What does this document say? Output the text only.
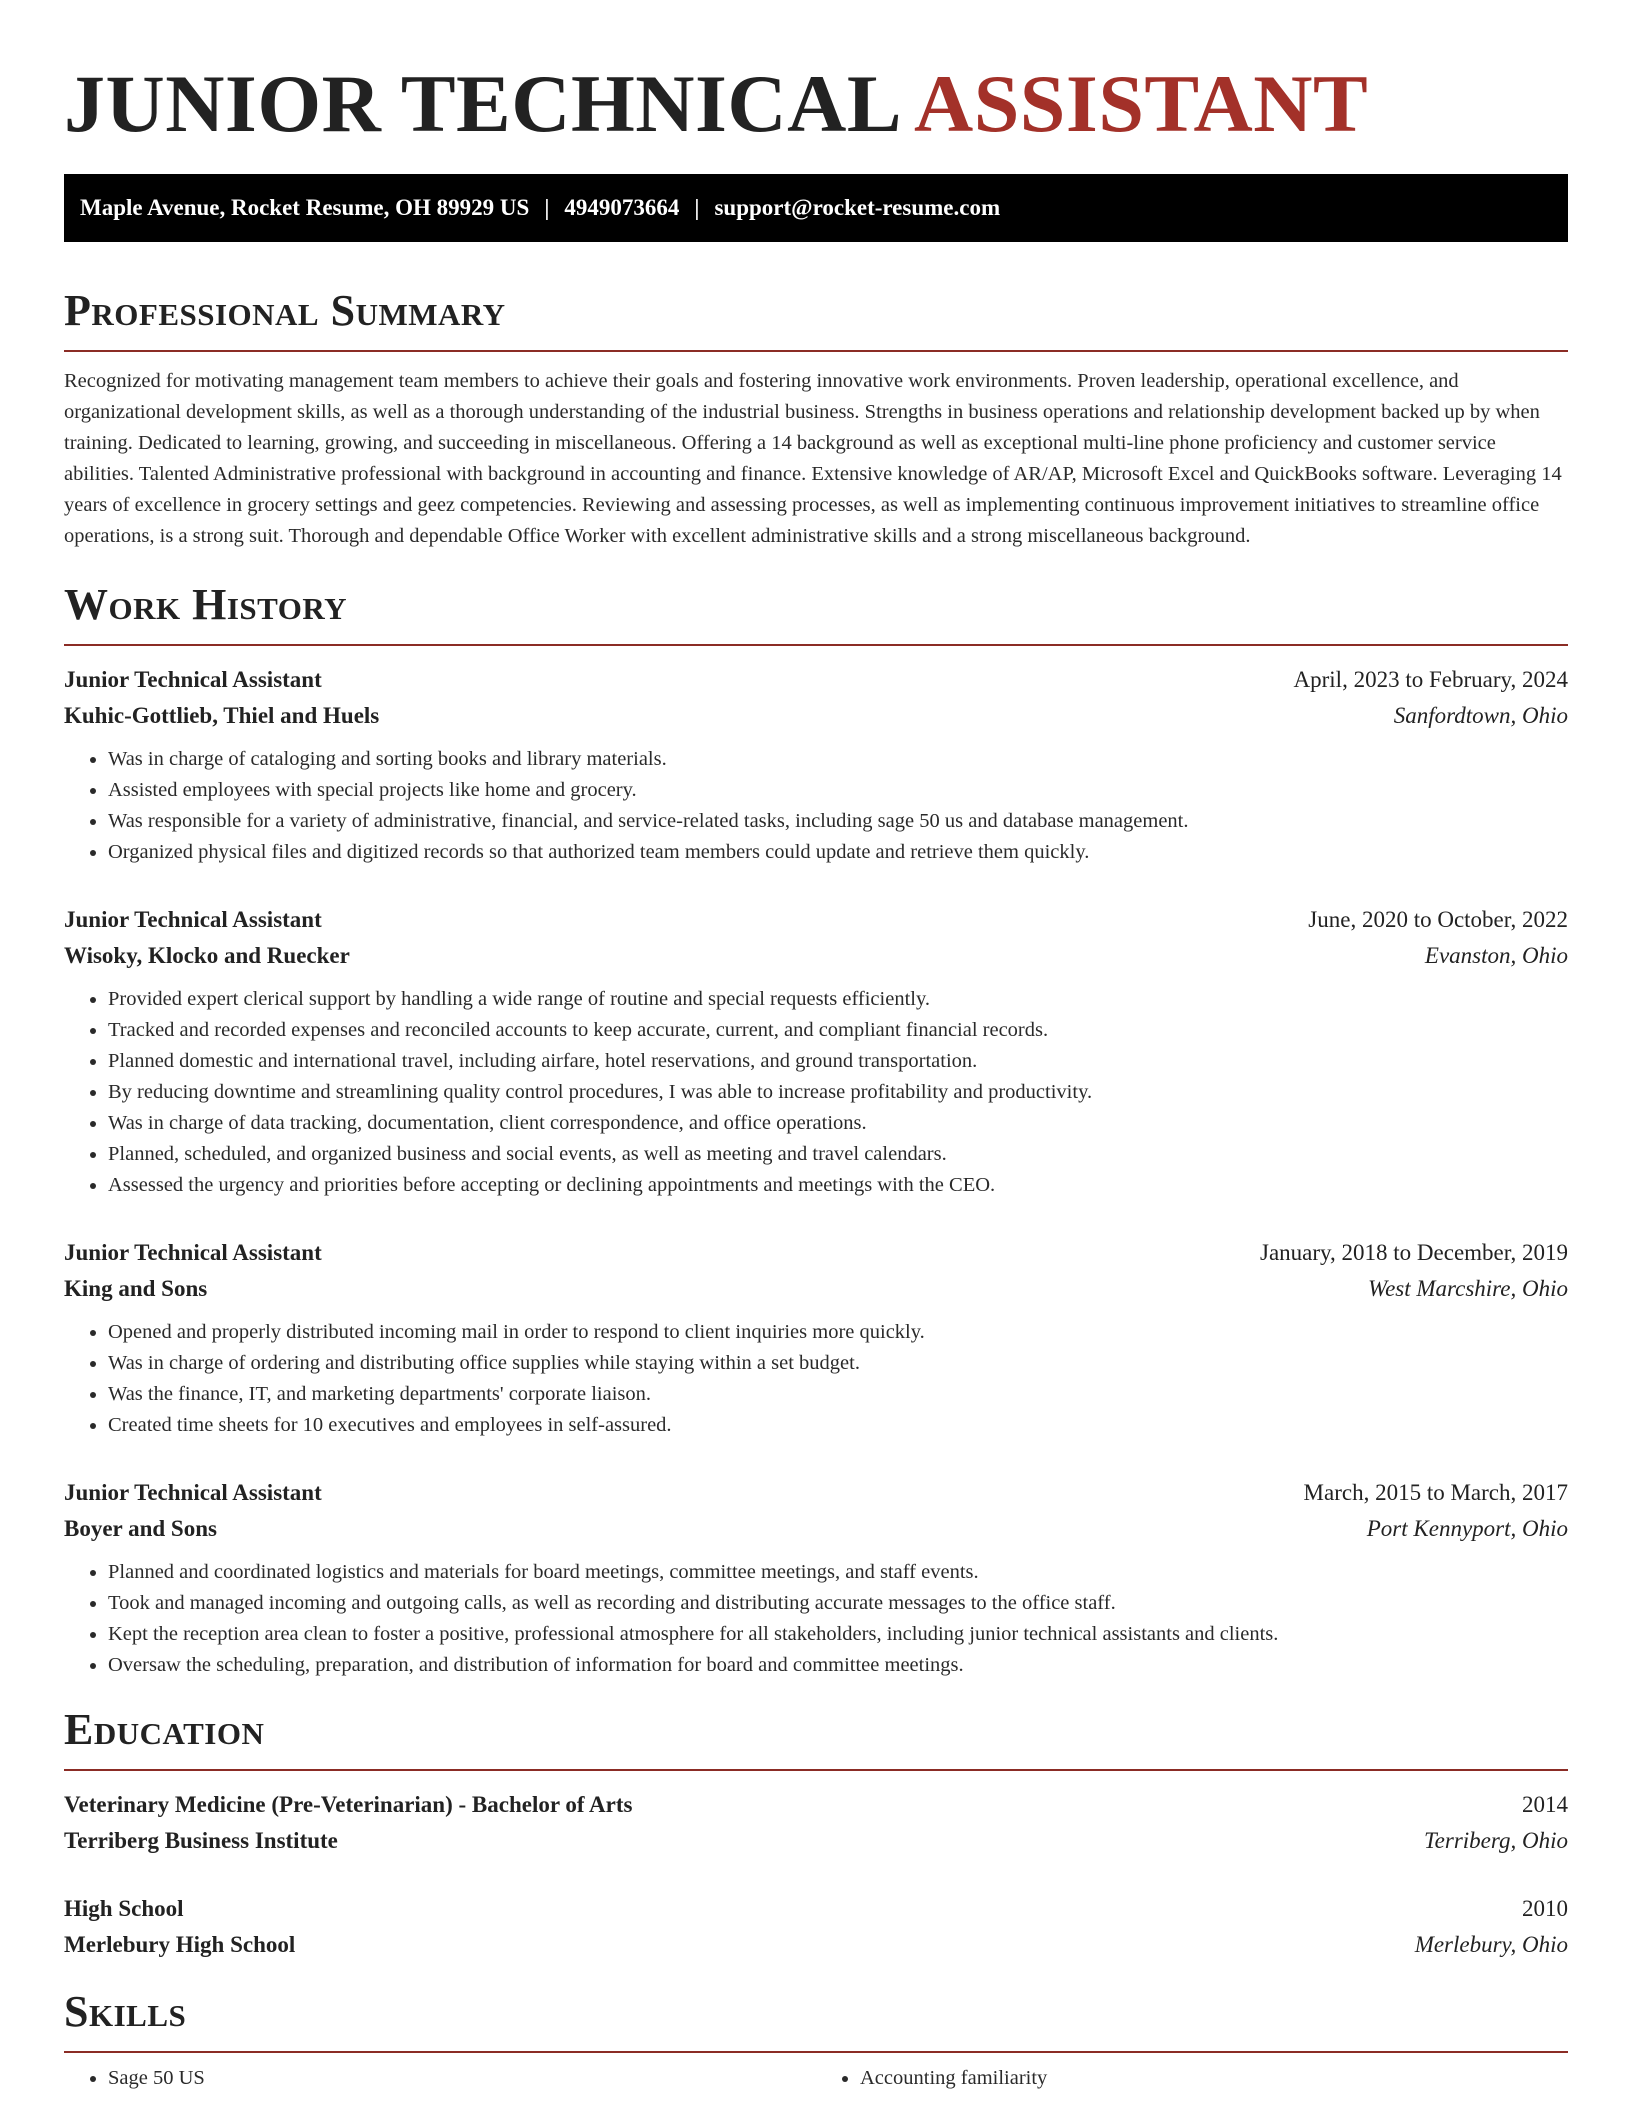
JUNIOR TECHNICAL ASSISTANT
Maple Avenue, Rocket Resume, OH 89929 US | 4949073664 | support@rocket-resume.com
Professional Summary

Recognized for motivating management team members to achieve their goals and fostering innovative work environments. Proven leadership, operational excellence, and organizational development skills, as well as a thorough understanding of the industrial business. Strengths in business operations and relationship development backed up by when training. Dedicated to learning, growing, and succeeding in miscellaneous. Offering a 14 background as well as exceptional multi-line phone proficiency and customer service abilities. Talented Administrative professional with background in accounting and finance. Extensive knowledge of AR/AP, Microsoft Excel and QuickBooks software. Leveraging 14 years of excellence in grocery settings and geez competencies. Reviewing and assessing processes, as well as implementing continuous improvement initiatives to streamline office operations, is a strong suit. Thorough and dependable Office Worker with excellent administrative skills and a strong miscellaneous background.

Work History
Junior Technical Assistant	April, 2023 to February, 2024
Kuhic-Gottlieb, Thiel and Huels	Sanfordtown, Ohio
• Was in charge of cataloging and sorting books and library materials.
• Assisted employees with special projects like home and grocery.
• Was responsible for a variety of administrative, financial, and service-related tasks, including sage 50 us and database management.
• Organized physical files and digitized records so that authorized team members could update and retrieve them quickly.
Junior Technical Assistant	June, 2020 to October, 2022
Wisoky, Klocko and Ruecker	Evanston, Ohio
• Provided expert clerical support by handling a wide range of routine and special requests efficiently.
• Tracked and recorded expenses and reconciled accounts to keep accurate, current, and compliant financial records.
• Planned domestic and international travel, including airfare, hotel reservations, and ground transportation.
• By reducing downtime and streamlining quality control procedures, I was able to increase profitability and productivity.
• Was in charge of data tracking, documentation, client correspondence, and office operations.
• Planned, scheduled, and organized business and social events, as well as meeting and travel calendars.
• Assessed the urgency and priorities before accepting or declining appointments and meetings with the CEO.
Junior Technical Assistant	January, 2018 to December, 2019
King and Sons	West Marcshire, Ohio
• Opened and properly distributed incoming mail in order to respond to client inquiries more quickly.
• Was in charge of ordering and distributing office supplies while staying within a set budget.
• Was the finance, IT, and marketing departments' corporate liaison.
• Created time sheets for 10 executives and employees in self-assured.
Junior Technical Assistant	March, 2015 to March, 2017
Boyer and Sons	Port Kennyport, Ohio
• Planned and coordinated logistics and materials for board meetings, committee meetings, and staff events.
• Took and managed incoming and outgoing calls, as well as recording and distributing accurate messages to the office staff.
• Kept the reception area clean to foster a positive, professional atmosphere for all stakeholders, including junior technical assistants and clients.
• Oversaw the scheduling, preparation, and distribution of information for board and committee meetings.
Education
Veterinary Medicine (Pre-Veterinarian) - Bachelor of Arts	2014
Terriberg Business Institute	Terriberg, Ohio
High School	2010
Merlebury High School	Merlebury, Ohio
Skills
• Sage 50 US
•	Accounting familiarity
